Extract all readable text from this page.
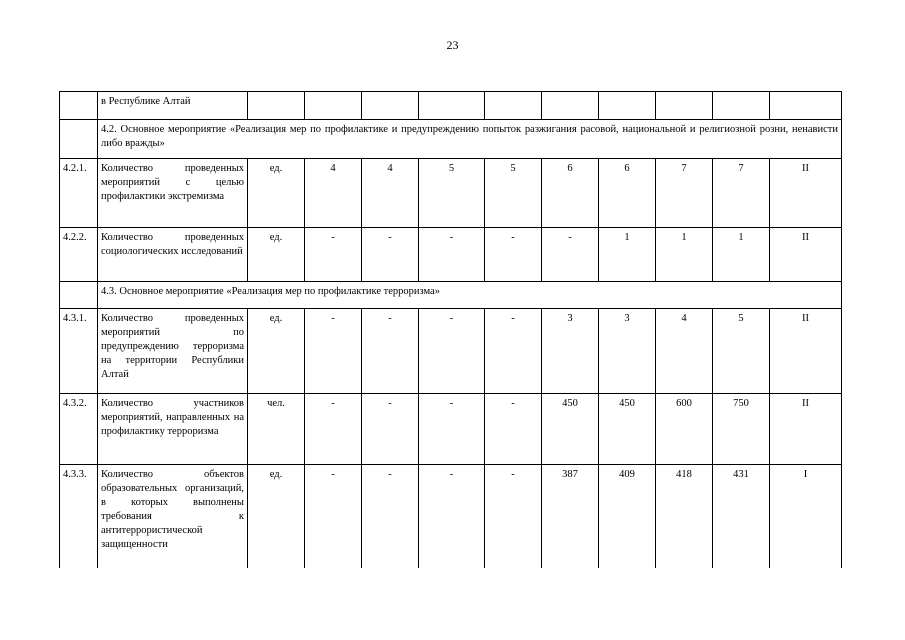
23
	в Республике Алтай										
	4.2. Основное мероприятие «Реализация мер по профилактике и предупреждению попыток разжигания расовой, национальной и религиозной розни, ненависти либо вражды»										
4.2.1.	Количество проведенных мероприятий с целью профилактики экстремизма	ед.	4	4	5	5	6	6	7	7	II
4.2.2.	Количество проведенных социологических исследований	ед.	-	-	-	-	-	1	1	1	II
	4.3. Основное мероприятие «Реализация мер по профилактике терроризма»										
4.3.1.	Количество проведенных мероприятий по предупреждению терроризма на территории Республики Алтай	ед.	-	-	-	-	3	3	4	5	II
4.3.2.	Количество участников мероприятий, направленных на профилактику терроризма	чел.	-	-	-	-	450	450	600	750	II
4.3.3.	Количество объектов образовательных организаций, в которых выполнены требования к антитеррористической защищенности	ед.	-	-	-	-	387	409	418	431	I
